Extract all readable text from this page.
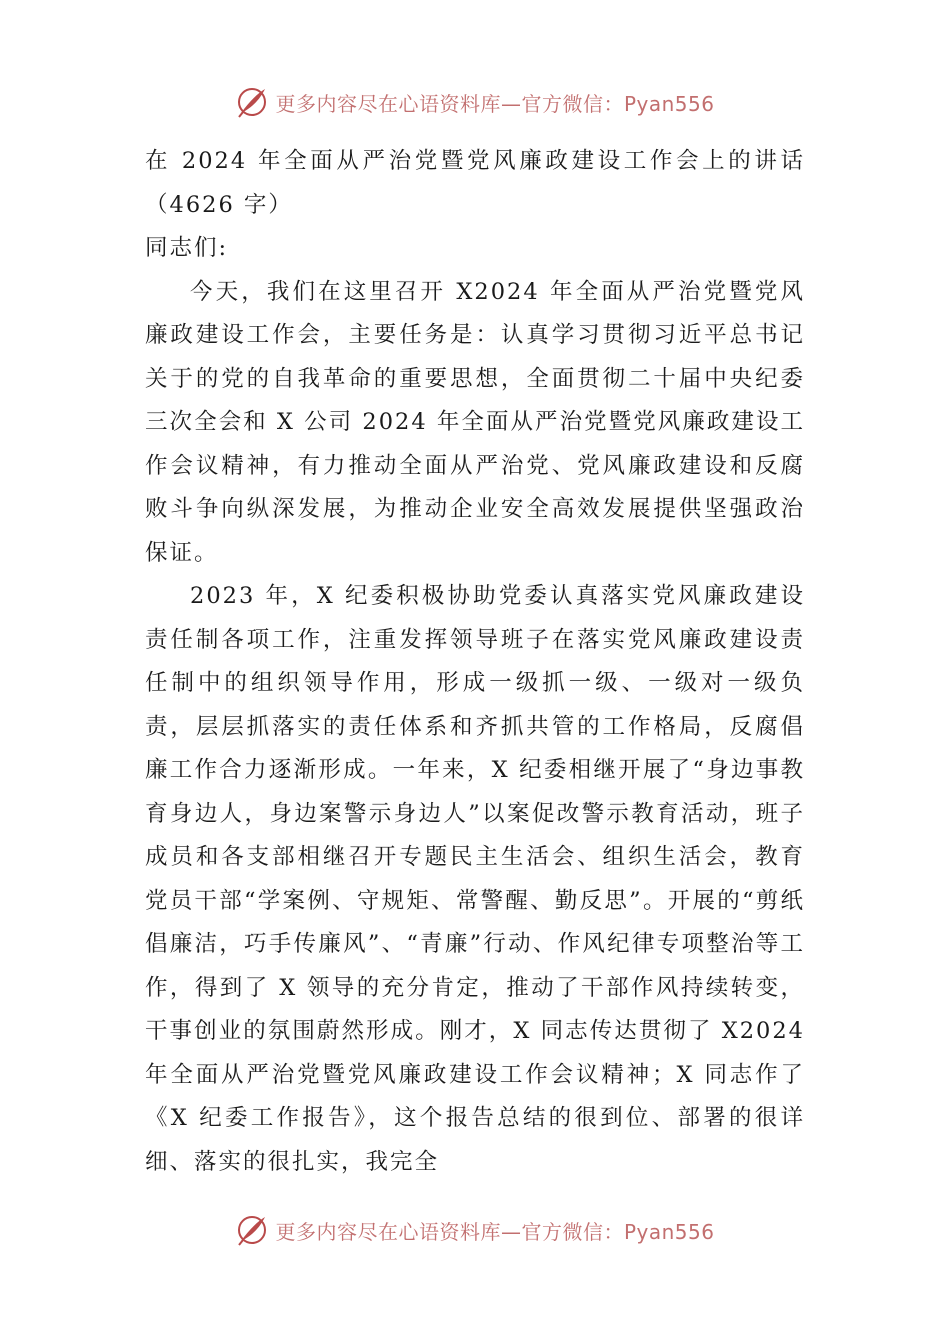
更多内容尽在心语资料库—官方微信：Pyan556

在 2024 年全面从严治党暨党风廉政建设工作会上的讲话（4626 字）

同志们:

今天，我们在这里召开 X2024 年全面从严治党暨党风廉政建设工作会，主要任务是：认真学习贯彻习近平总书记关于的党的自我革命的重要思想，全面贯彻二十届中央纪委三次全会和 X 公司 2024 年全面从严治党暨党风廉政建设工作会议精神，有力推动全面从严治党、党风廉政建设和反腐败斗争向纵深发展，为推动企业安全高效发展提供坚强政治保证。

2023 年，X 纪委积极协助党委认真落实党风廉政建设责任制各项工作，注重发挥领导班子在落实党风廉政建设责任制中的组织领导作用，形成一级抓一级、一级对一级负责，层层抓落实的责任体系和齐抓共管的工作格局，反腐倡廉工作合力逐渐形成。一年来，X 纪委相继开展了“身边事教育身边人，身边案警示身边人”以案促改警示教育活动，班子成员和各支部相继召开专题民主生活会、组织生活会，教育党员干部“学案例、守规矩、常警醒、勤反思”。开展的“剪纸倡廉洁，巧手传廉风”、“青廉”行动、作风纪律专项整治等工作，得到了 X 领导的充分肯定，推动了干部作风持续转变，干事创业的氛围蔚然形成。刚才，X 同志传达贯彻了 X2024 年全面从严治党暨党风廉政建设工作会议精神；X 同志作了《X 纪委工作报告》，这个报告总结的很到位、部署的很详细、落实的很扎实，我完全

更多内容尽在心语资料库—官方微信：Pyan556
